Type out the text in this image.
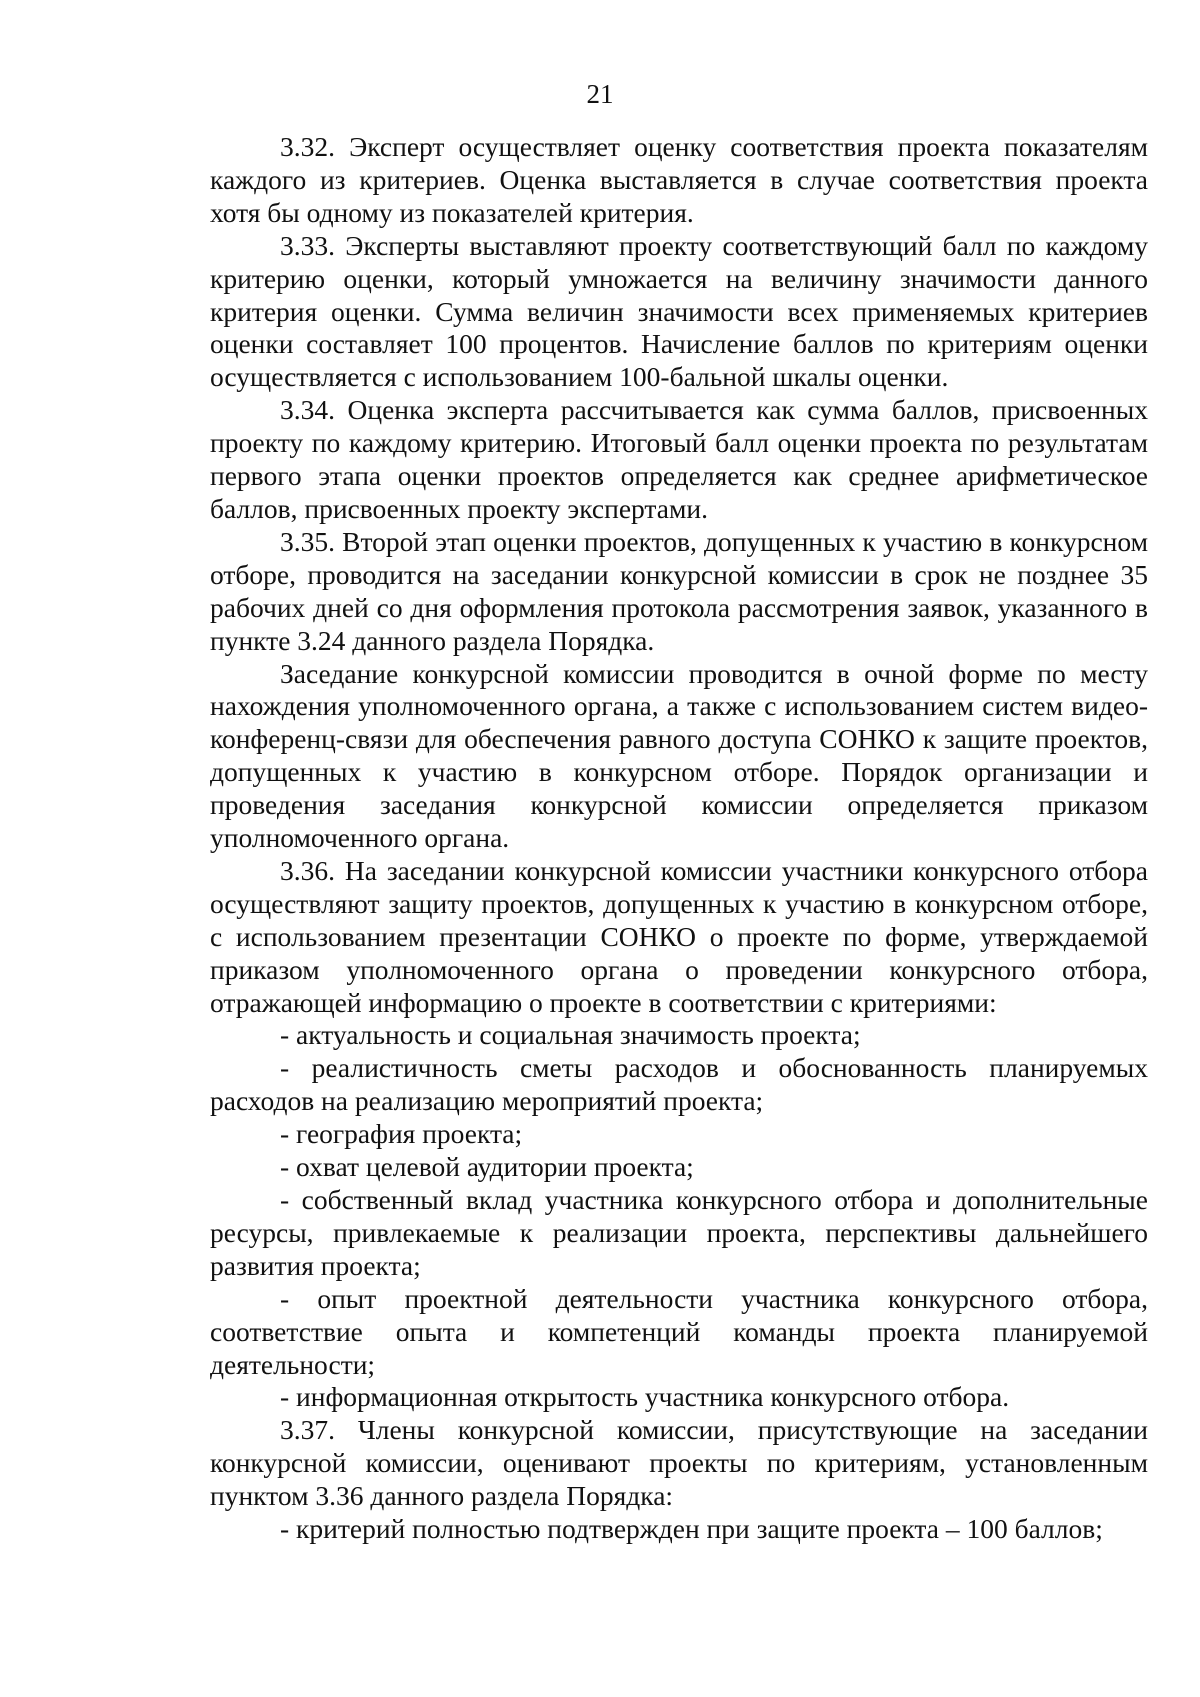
21

3.32. Эксперт осуществляет оценку соответствия проекта показателям каждого из критериев. Оценка выставляется в случае соответствия проекта хотя бы одному из показателей критерия.

3.33. Эксперты выставляют проекту соответствующий балл по каждому критерию оценки, который умножается на величину значимости данного критерия оценки. Сумма величин значимости всех применяемых критериев оценки составляет 100 процентов. Начисление баллов по критериям оценки осуществляется с использованием 100-бальной шкалы оценки.

3.34. Оценка эксперта рассчитывается как сумма баллов, присвоенных проекту по каждому критерию. Итоговый балл оценки проекта по результатам первого этапа оценки проектов определяется как среднее арифметическое баллов, присвоенных проекту экспертами.

3.35. Второй этап оценки проектов, допущенных к участию в конкурсном отборе, проводится на заседании конкурсной комиссии в срок не позднее 35 рабочих дней со дня оформления протокола рассмотрения заявок, указанного в пункте 3.24 данного раздела Порядка.

Заседание конкурсной комиссии проводится в очной форме по месту нахождения уполномоченного органа, а также с использованием систем видео-конференц-связи для обеспечения равного доступа СОНКО к защите проектов, допущенных к участию в конкурсном отборе. Порядок организации и проведения заседания конкурсной комиссии определяется приказом уполномоченного органа.

3.36. На заседании конкурсной комиссии участники конкурсного отбора осуществляют защиту проектов, допущенных к участию в конкурсном отборе, с использованием презентации СОНКО о проекте по форме, утверждаемой приказом уполномоченного органа о проведении конкурсного отбора, отражающей информацию о проекте в соответствии с критериями:

- актуальность и социальная значимость проекта;

- реалистичность сметы расходов и обоснованность планируемых расходов на реализацию мероприятий проекта;

- география проекта;

- охват целевой аудитории проекта;

- собственный вклад участника конкурсного отбора и дополнительные ресурсы, привлекаемые к реализации проекта, перспективы дальнейшего развития проекта;

- опыт проектной деятельности участника конкурсного отбора, соответствие опыта и компетенций команды проекта планируемой деятельности;

- информационная открытость участника конкурсного отбора.

3.37. Члены конкурсной комиссии, присутствующие на заседании конкурсной комиссии, оценивают проекты по критериям, установленным пунктом 3.36 данного раздела Порядка:

- критерий полностью подтвержден при защите проекта – 100 баллов;
